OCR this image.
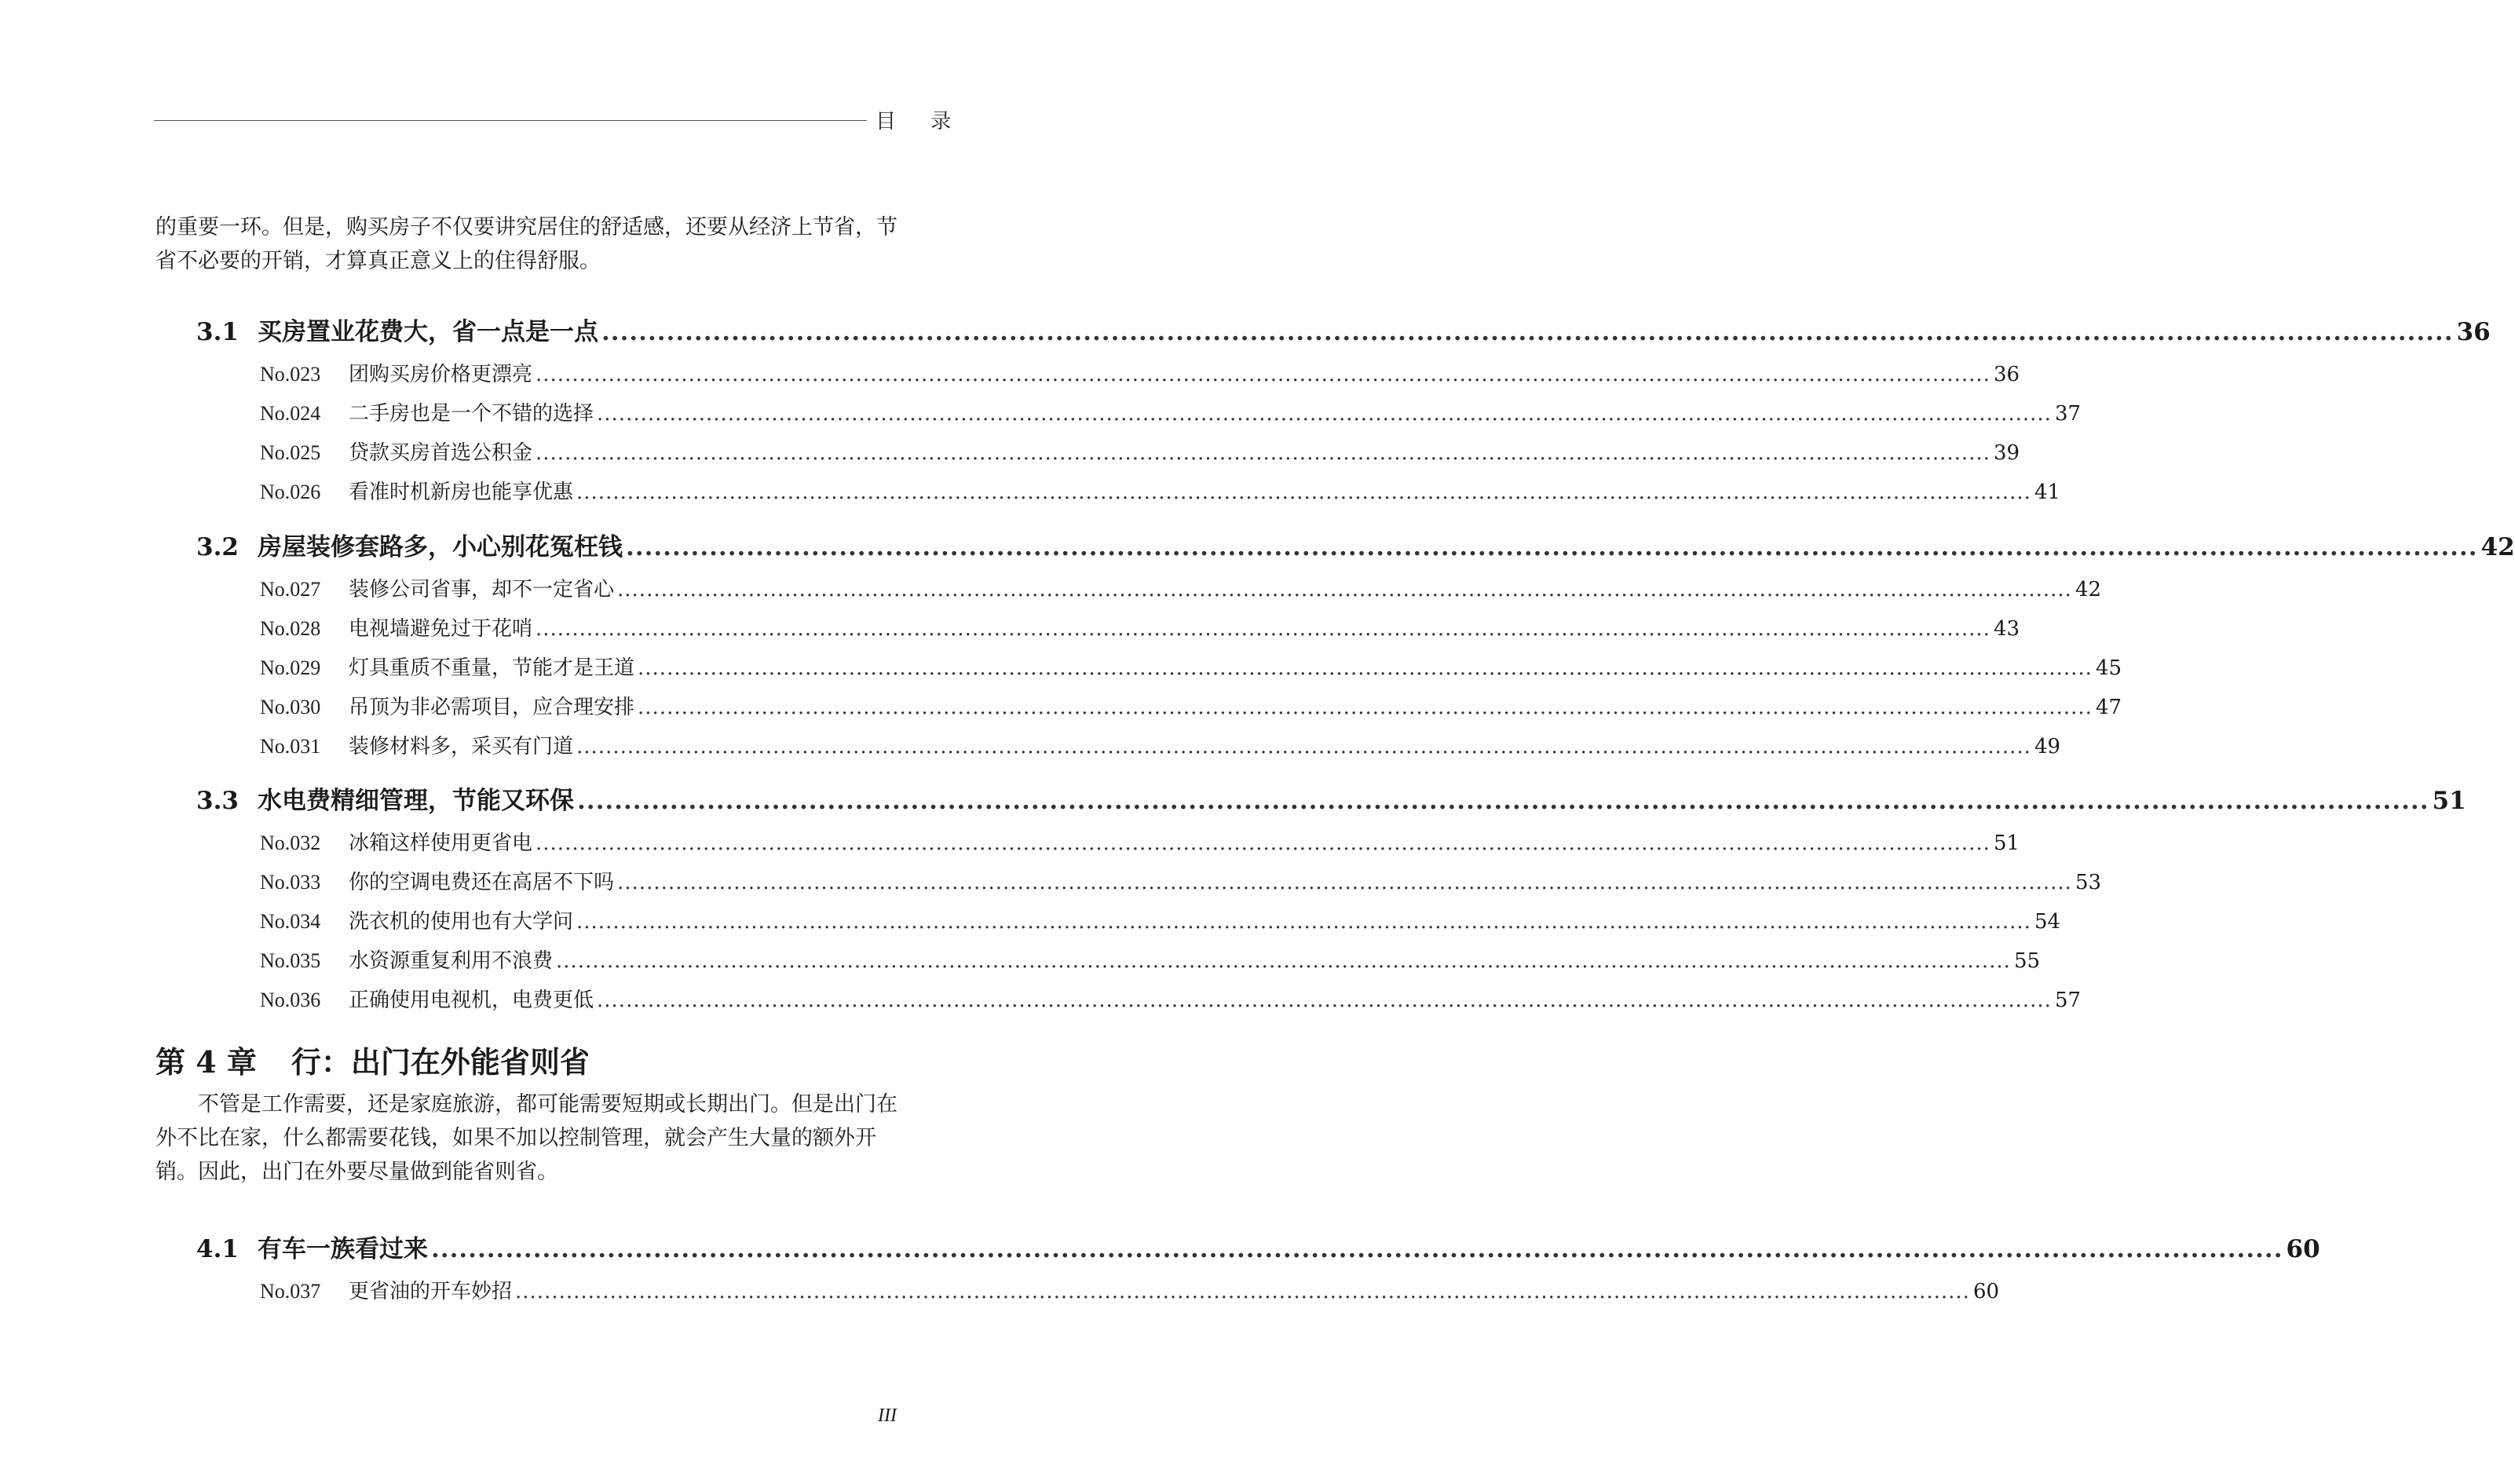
目 录

的重要一环。但是，购买房子不仅要讲究居住的舒适感，还要从经济上节省，节省不必要的开销，才算真正意义上的住得舒服。

3.1 买房置业花费大，省一点是一点 ........................................................................................................................................................................................................ 36
No.023	团购买房价格更漂亮 ........................................................................................................................................................................................................ 36
No.024	二手房也是一个不错的选择 ........................................................................................................................................................................................................ 37
No.025	贷款买房首选公积金 ........................................................................................................................................................................................................ 39
No.026	看准时机新房也能享优惠 ........................................................................................................................................................................................................ 41
3.2 房屋装修套路多，小心别花冤枉钱 ........................................................................................................................................................................................................ 42
No.027	装修公司省事，却不一定省心 ........................................................................................................................................................................................................ 42
No.028	电视墙避免过于花哨 ........................................................................................................................................................................................................ 43
No.029	灯具重质不重量，节能才是王道 ........................................................................................................................................................................................................ 45
No.030	吊顶为非必需项目，应合理安排 ........................................................................................................................................................................................................ 47
No.031	装修材料多，采买有门道 ........................................................................................................................................................................................................ 49
3.3 水电费精细管理，节能又环保 ........................................................................................................................................................................................................ 51
No.032	冰箱这样使用更省电 ........................................................................................................................................................................................................ 51
No.033	你的空调电费还在高居不下吗 ........................................................................................................................................................................................................ 53
No.034	洗衣机的使用也有大学问 ........................................................................................................................................................................................................ 54
No.035	水资源重复利用不浪费 ........................................................................................................................................................................................................ 55
No.036	正确使用电视机，电费更低 ........................................................................................................................................................................................................ 57
第 4 章 行：出门在外能省则省

不管是工作需要，还是家庭旅游，都可能需要短期或长期出门。但是出门在外不比在家，什么都需要花钱，如果不加以控制管理，就会产生大量的额外开销。因此，出门在外要尽量做到能省则省。

4.1 有车一族看过来 ........................................................................................................................................................................................................ 60
No.037	更省油的开车妙招 ........................................................................................................................................................................................................ 60
III
